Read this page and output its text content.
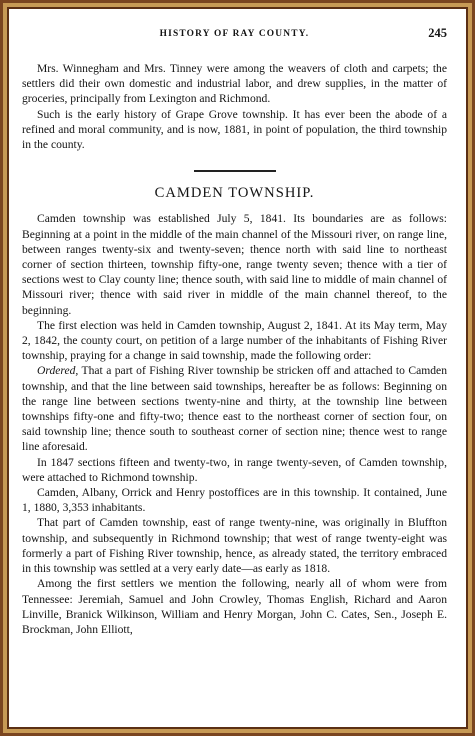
HISTORY OF RAY COUNTY.	245

Mrs. Winnegham and Mrs. Tinney were among the weavers of cloth and carpets; the settlers did their own domestic and industrial labor, and drew supplies, in the matter of groceries, principally from Lexington and Richmond.

Such is the early history of Grape Grove township. It has ever been the abode of a refined and moral community, and is now, 1881, in point of population, the third township in the county.

CAMDEN TOWNSHIP.

Camden township was established July 5, 1841. Its boundaries are as follows: Beginning at a point in the middle of the main channel of the Missouri river, on range line, between ranges twenty-six and twenty-seven; thence north with said line to northeast corner of section thirteen, township fifty-one, range twenty seven; thence with a tier of sections west to Clay county line; thence south, with said line to middle of main channel of Missouri river; thence with said river in middle of the main channel thereof, to the beginning.

The first election was held in Camden township, August 2, 1841. At its May term, May 2, 1842, the county court, on petition of a large number of the inhabitants of Fishing River township, praying for a change in said township, made the following order:

Ordered, That a part of Fishing River township be stricken off and attached to Camden township, and that the line between said townships, hereafter be as follows: Beginning on the range line between sections twenty-nine and thirty, at the township line between townships fifty-one and fifty-two; thence east to the northeast corner of section four, on said township line; thence south to southeast corner of section nine; thence west to range line aforesaid.

In 1847 sections fifteen and twenty-two, in range twenty-seven, of Camden township, were attached to Richmond township.

Camden, Albany, Orrick and Henry postoffices are in this township. It contained, June 1, 1880, 3,353 inhabitants.

That part of Camden township, east of range twenty-nine, was originally in Bluffton township, and subsequently in Richmond township; that west of range twenty-eight was formerly a part of Fishing River township, hence, as already stated, the territory embraced in this township was settled at a very early date—as early as 1818.

Among the first settlers we mention the following, nearly all of whom were from Tennessee: Jeremiah, Samuel and John Crowley, Thomas English, Richard and Aaron Linville, Branick Wilkinson, William and Henry Morgan, John C. Cates, Sen., Joseph E. Brockman, John Elliott,
